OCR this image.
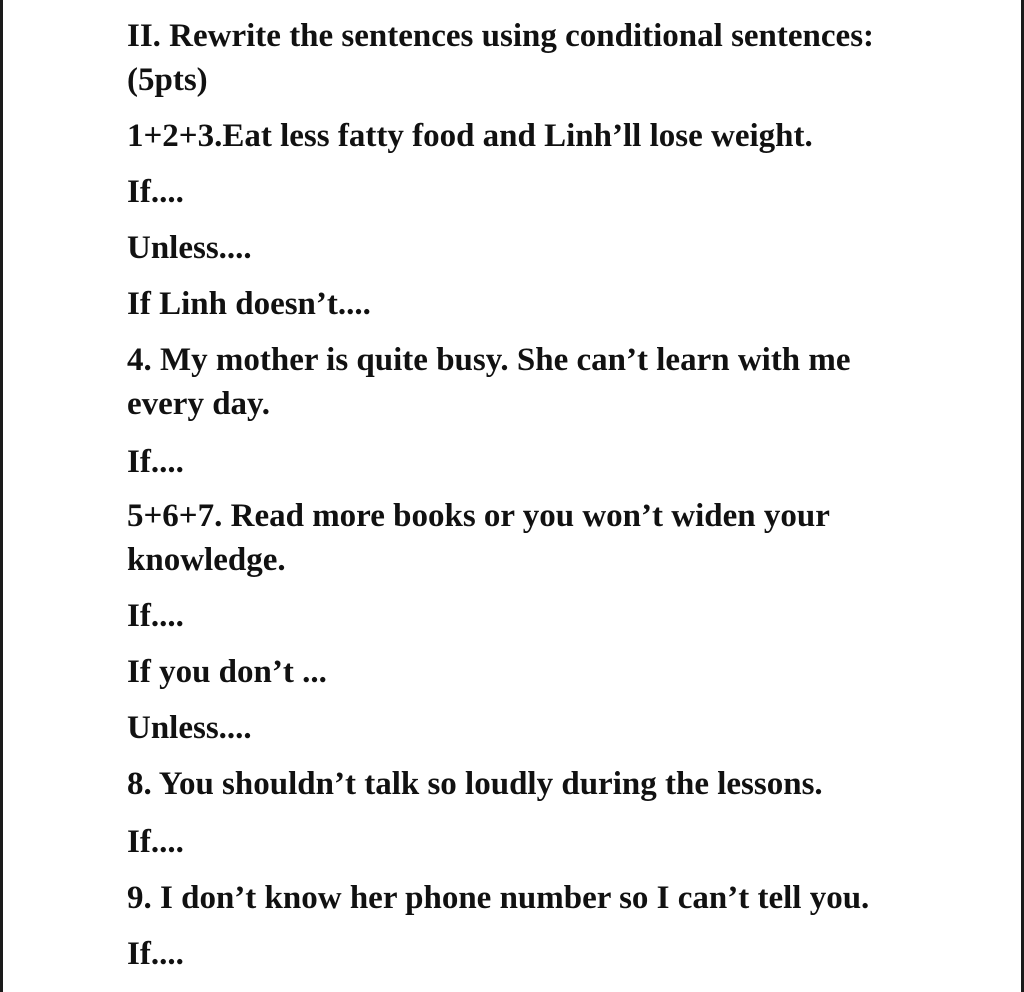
II. Rewrite the sentences using conditional sentences:

(5pts)

1+2+3.Eat less fatty food and Linh’ll lose weight.

If....

Unless....

If Linh doesn’t....

4. My mother is quite busy. She can’t learn with me

every day.

If....

5+6+7. Read more books or you won’t widen your

knowledge.

If....

If you don’t ...

Unless....

8. You shouldn’t talk so loudly during the lessons.

If....

9. I don’t know her phone number so I can’t tell you.

If....
